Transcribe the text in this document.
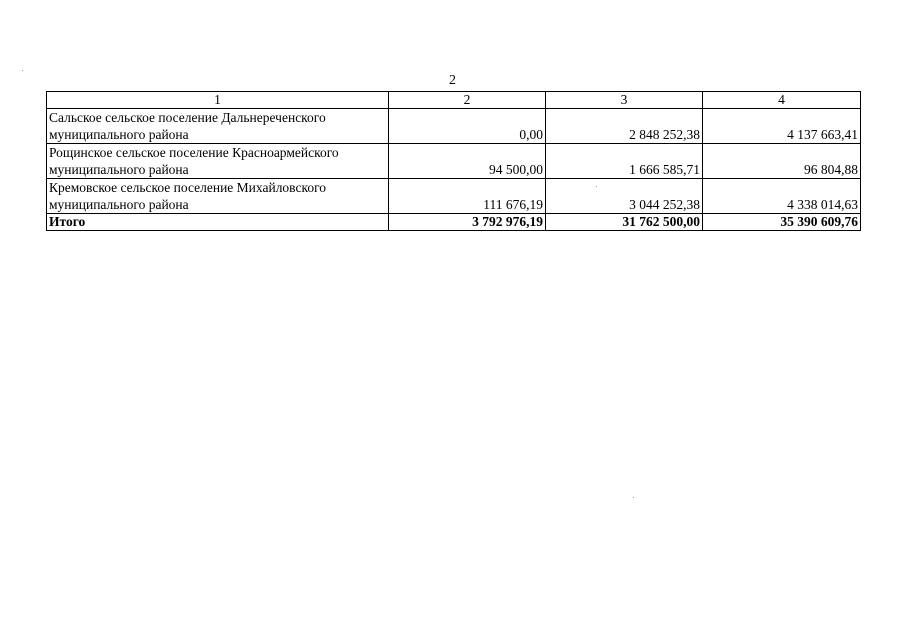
2
1	2	3	4
Сальское сельское поселение Дальнереченского муниципального района	0,00	2 848 252,38	4 137 663,41
Рощинское сельское поселение Красноармейского муниципального района	94 500,00	1 666 585,71	96 804,88
Кремовское сельское поселение Михайловского муниципального района	111 676,19	3 044 252,38	4 338 014,63
Итого	3 792 976,19	31 762 500,00	35 390 609,76
